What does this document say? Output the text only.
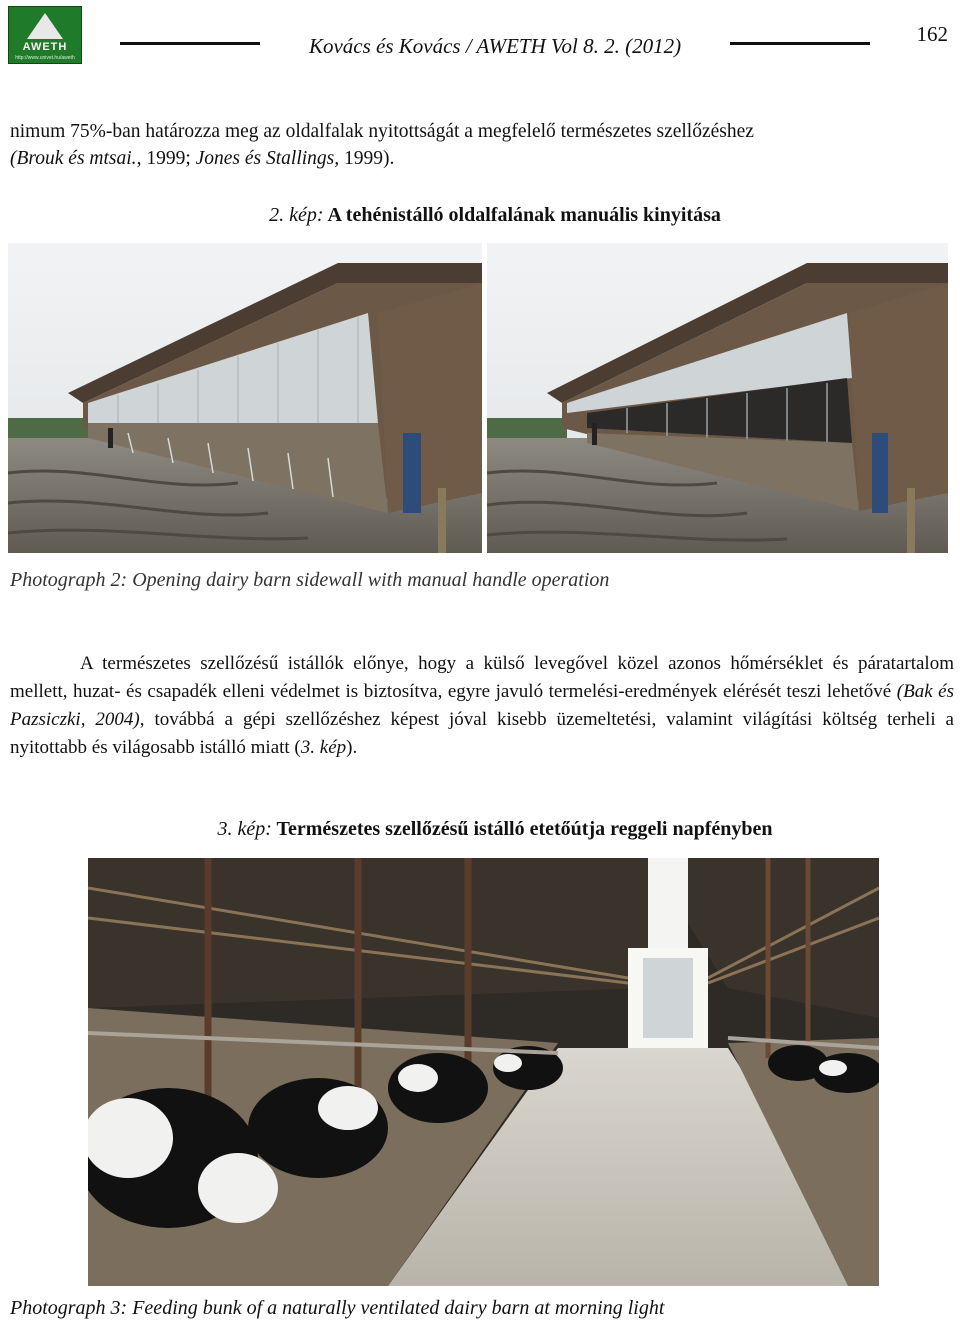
AWETH
http://www.univet.hu/aweth	Kovács és Kovács / AWETH Vol 8. 2. (2012)	162
nimum 75%-ban határozza meg az oldalfalak nyitottságát a megfelelő természetes szellőzéshez
(Brouk és mtsai., 1999; Jones és Stallings, 1999).
2. kép: A tehénistálló oldalfalának manuális kinyitása
Photograph 2: Opening dairy barn sidewall with manual handle operation
A természetes szellőzésű istállók előnye, hogy a külső levegővel közel azonos hőmérséklet és páratartalom mellett, huzat- és csapadék elleni védelmet is biztosítva, egyre javuló termelési-eredmények elérését teszi lehetővé (Bak és Pazsiczki, 2004), továbbá a gépi szellőzéshez képest jóval kisebb üzemeltetési, valamint világítási költség terheli a nyitottabb és világosabb istálló miatt (3. kép).
3. kép: Természetes szellőzésű istálló etetőútja reggeli napfényben
Photograph 3: Feeding bunk of a naturally ventilated dairy barn at morning light
